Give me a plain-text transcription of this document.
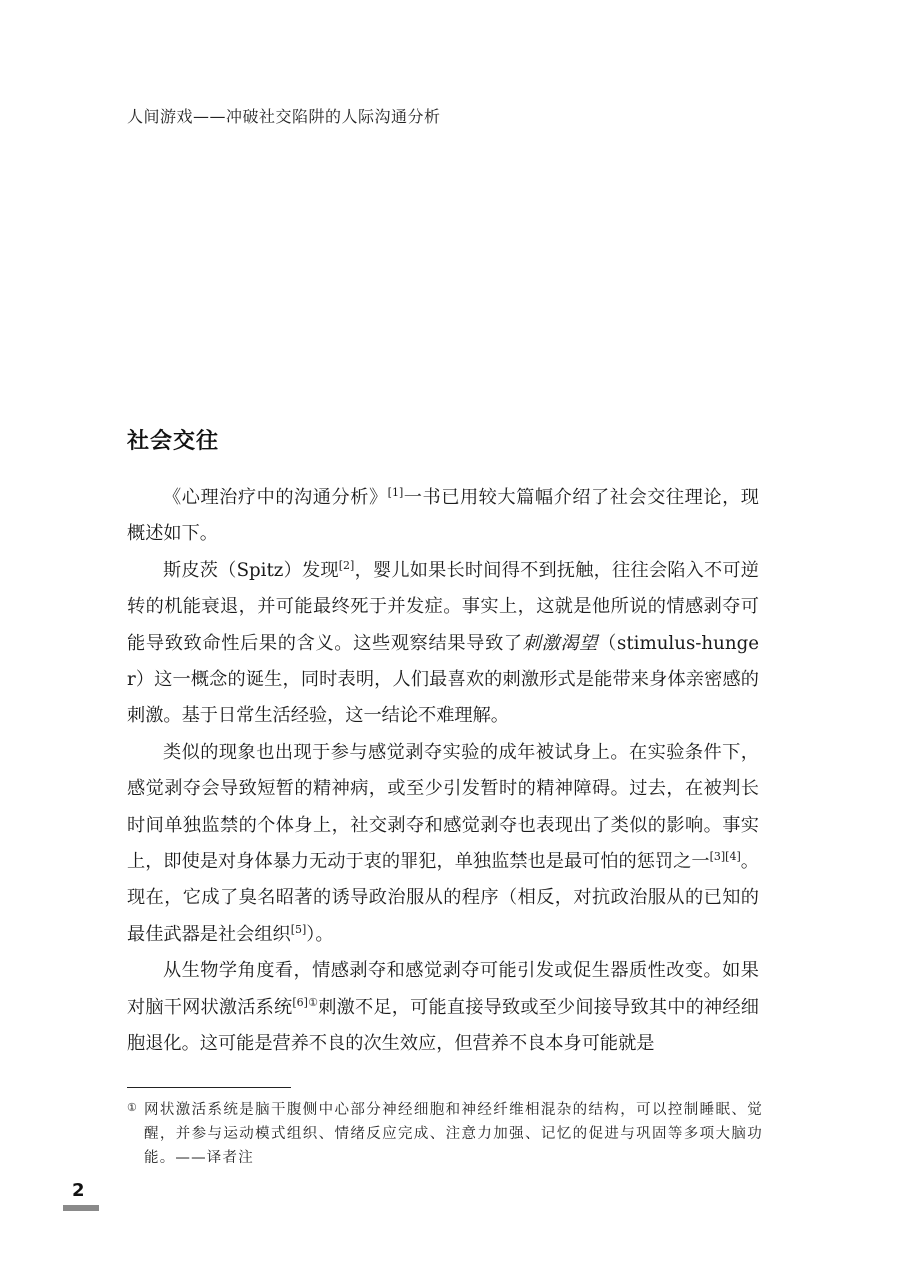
人间游戏——冲破社交陷阱的人际沟通分析
社会交往

《心理治疗中的沟通分析》[1]一书已用较大篇幅介绍了社会交往理论，现概述如下。

斯皮茨（Spitz）发现[2]，婴儿如果长时间得不到抚触，往往会陷入不可逆转的机能衰退，并可能最终死于并发症。事实上，这就是他所说的情感剥夺可能导致致命性后果的含义。这些观察结果导致了刺激渴望（stimulus-hunger）这一概念的诞生，同时表明，人们最喜欢的刺激形式是能带来身体亲密感的刺激。基于日常生活经验，这一结论不难理解。

类似的现象也出现于参与感觉剥夺实验的成年被试身上。在实验条件下，感觉剥夺会导致短暂的精神病，或至少引发暂时的精神障碍。过去，在被判长时间单独监禁的个体身上，社交剥夺和感觉剥夺也表现出了类似的影响。事实上，即使是对身体暴力无动于衷的罪犯，单独监禁也是最可怕的惩罚之一[3][4]。现在，它成了臭名昭著的诱导政治服从的程序（相反，对抗政治服从的已知的最佳武器是社会组织[5]）。

从生物学角度看，情感剥夺和感觉剥夺可能引发或促生器质性改变。如果对脑干网状激活系统$^{[6]①}$刺激不足，可能直接导致或至少间接导致其中的神经细胞退化。这可能是营养不良的次生效应，但营养不良本身可能就是

① 网状激活系统是脑干腹侧中心部分神经细胞和神经纤维相混杂的结构，可以控制睡眠、觉醒，并参与运动模式组织、情绪反应完成、注意力加强、记忆的促进与巩固等多项大脑功能。——译者注
2
